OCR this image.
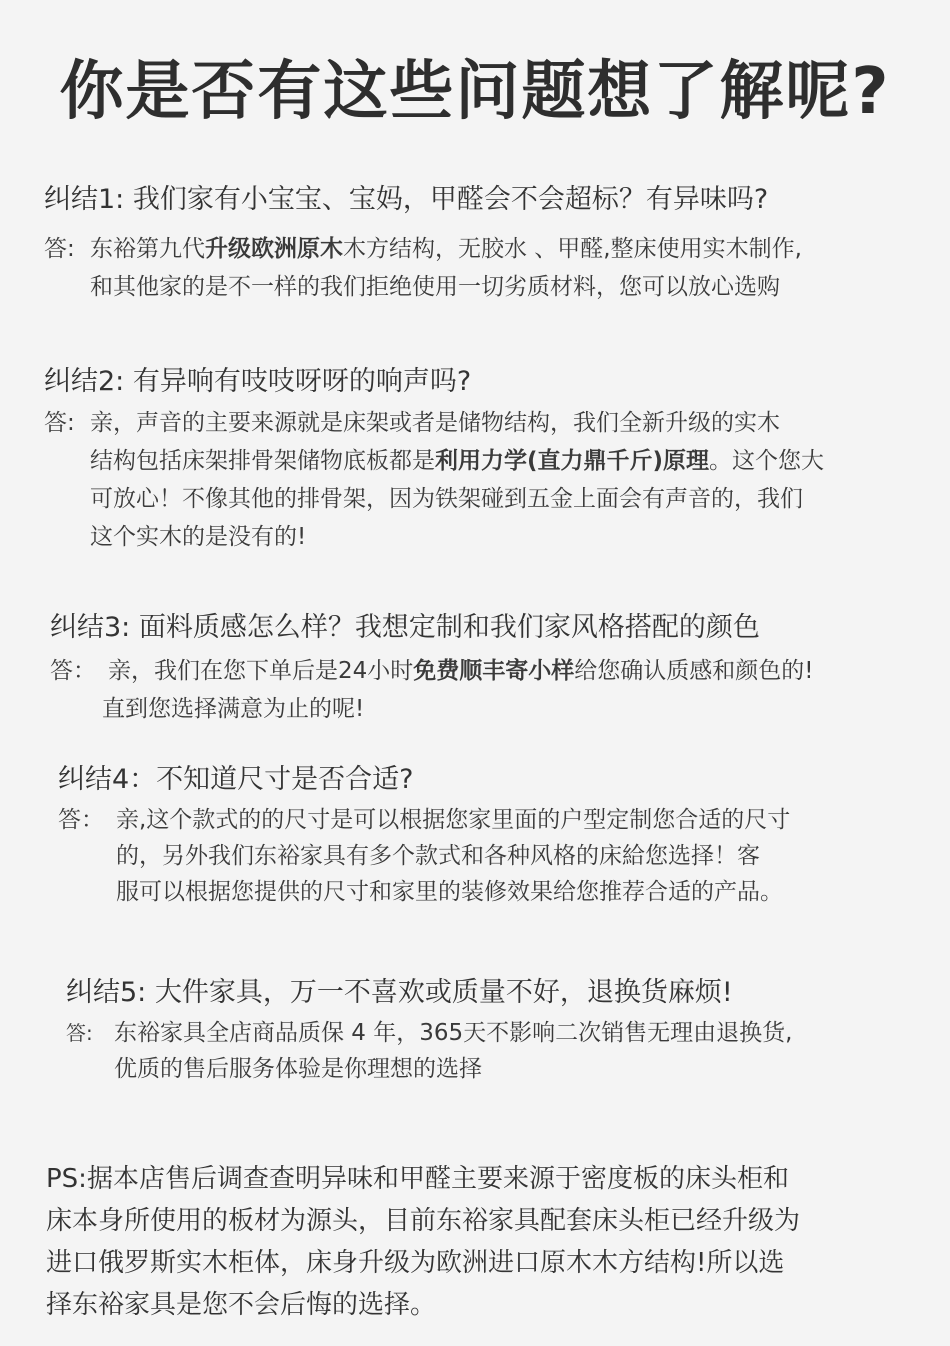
你是否有这些问题想了解呢?
纠结1: 我们家有小宝宝、宝妈，甲醛会不会超标？有异味吗?
答: 东裕第九代升级欧洲原木木方结构，无胶水 、甲醛,整床使用实木制作,
和其他家的是不一样的我们拒绝使用一切劣质材料，您可以放心选购
纠结2: 有异响有吱吱呀呀的响声吗?
答: 亲，声音的主要来源就是床架或者是储物结构，我们全新升级的实木
结构包括床架排骨架储物底板都是利用力学(直力鼎千斤)原理。这个您大
可放心！不像其他的排骨架，因为铁架碰到五金上面会有声音的，我们
这个实木的是没有的!
纠结3: 面料质感怎么样？我想定制和我们家风格搭配的颜色
答： 亲，我们在您下单后是24小时免费顺丰寄小样给您确认质感和颜色的!
直到您选择满意为止的呢!
纠结4：不知道尺寸是否合适?
答： 亲,这个款式的的尺寸是可以根据您家里面的户型定制您合适的尺寸
的，另外我们东裕家具有多个款式和各种风格的床給您选择！客
服可以根据您提供的尺寸和家里的装修效果给您推荐合适的产品。
纠结5: 大件家具，万一不喜欢或质量不好，退换货麻烦!
答: 东裕家具全店商品质保 4 年，365天不影响二次销售无理由退换货,
优质的售后服务体验是你理想的选择
PS:据本店售后调查查明异味和甲醛主要来源于密度板的床头柜和
床本身所使用的板材为源头，目前东裕家具配套床头柜已经升级为
进口俄罗斯实木柜体，床身升级为欧洲进口原木木方结构!所以选
择东裕家具是您不会后悔的选择。
